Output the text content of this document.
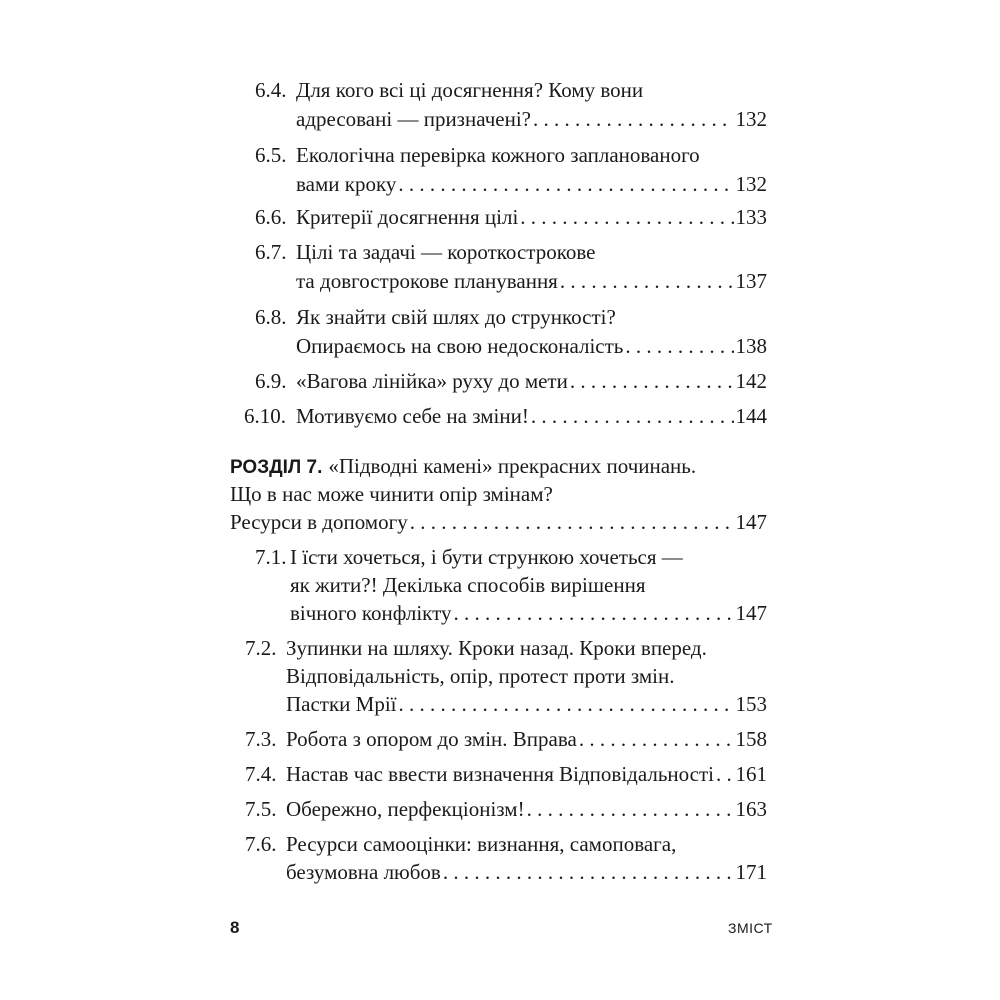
6.4. Для кого всі ці досягнення? Кому вони
адресовані — призначені? . . .	132
6.5. Екологічна перевірка кожного запланованого
вами кроку . . .	132
6.6. Критерії досягнення цілі . . .	133
6.7. Цілі та задачі — короткострокове
та довгострокове планування . . .	137
6.8. Як знайти свій шлях до стрункості?
Опираємось на свою недосконалість . . .	138
6.9. «Вагова лінійка» руху до мети . . .	142
6.10. Мотивуємо себе на зміни! . . .	144
РОЗДІЛ 7. «Підводні камені» прекрасних починань.
Що в нас може чинити опір змінам?
Ресурси в допомогу . . .	147
7.1. І їсти хочеться, і бути стрункою хочеться —
як жити?! Декілька способів вирішення
вічного конфлікту . . .	147
7.2. Зупинки на шляху. Кроки назад. Кроки вперед.
Відповідальність, опір, протест проти змін.
Пастки Мрії . . .	153
7.3. Робота з опором до змін. Вправа . . .	158
7.4. Настав час ввести визначення Відповідальності . . . 161
7.5. Обережно, перфекціонізм! . . .	163
7.6. Ресурси самооцінки: визнання, самоповага,
безумовна любов . . .	171
8	ЗМІСТ
